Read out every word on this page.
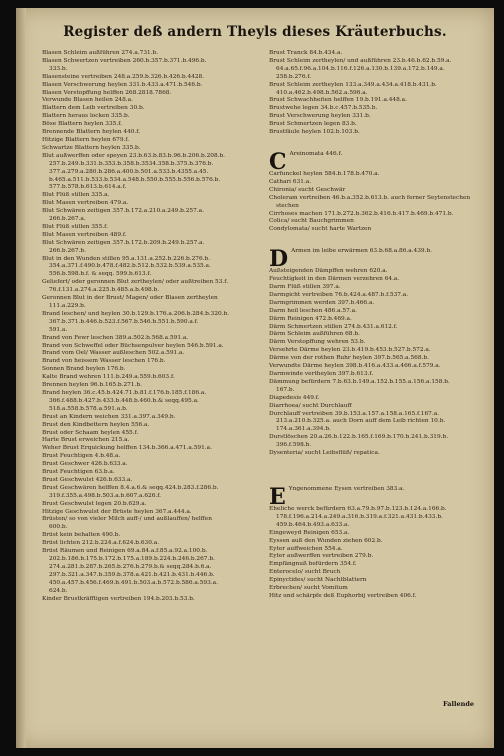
Register deß andern Theyls dieses Kräuterbuchs.
Blasen Schleim außführen 274.a.731.b.
Blasen Schwertzen vertreiben 260.b.357.b.371.b.496.b.
333.b.
Blasensteine vertreiben 248.a.259.b.326.b.426.b.4428.
Blasen Verschwerung heylen 331.b.433.a.471.b.546.b.
Blasen Verstopffung helffen 268.2818.7868.
Verwunde Blasen heilen 248.a.
Blattern dem Leib vertreiben 30.b.
Blattern heraus locken 335.b.
Böse Blattern heylen 335.f.
Brennende Blattern heylen 440.f.
Hitzige Blattern heylen 679.f.
Schwartze Blattern heylen 335.b.
Blut außwerffen oder speyen 23.b.63.b.83.b.96.b.206.b.208.b.
257.b.249.b.331.b.353.b.358.b.3534.358.b.375.b.376.b.
377.a.279.a.280.b.286.a.400.b.501.a.533.b.4355.a.45.
b.465.a.511.b.533.b.534.a.548.b.550.b.555.b.556.b.576.b.
577.b.578.b.613.b.614.a.f.
Blut Flüß stillen 335.a.
Blut Masen vertreiben 479.a.
Blut Schwären zeitigen 357.b.172.a.210.a.249.b.257.a.
266.b.267.a.
Blut Flüß stillen 355.f.
Blut Masen vertreiben 489.f.
Blut Schwären zeitigen 357.b.172.b.209.b.249.b.257.a.
266.b.267.b.
Blut in den Wunden stillen 95.a.131.a.252.b.226.b.276.b.
354.a.371.f.490.b.478.f.482.b.512.b.532.b.539.a.535.a.
556.b.598.b.f. & seqq. 599.b.613.f.
Geliefert/ oder geronnen Blut zertheylen/ oder außtreiben 53.f.
76.f.131.a.274.a.225.b.485.a.b.498.b.
Geronnen Blut in der Brust/ Magen/ oder Blasen zertheylen
111.a.229.b.
Brand leschen/ und heylen 30.b.129.b.176.a.206.b.284.b.320.b.
367.b.371.b.446.b.523.f.567.b.546.b.551.b.590.a.f.
591.a.
Brand von Fewr leschen 389.a.502.b.568.a.591.a.
Brand von Schweffel oder Büchsenpulver heylen 546.b.591.a.
Brand vom Oel/ Wasser außleschen 502.a.591.a.
Brand von heissem Wasser leschen 176.b.
Sonnen Brand heylen 176.b.
Kalte Brand wehren 111.b.249.a.559.b.603.f.
Brennen heylen 96.b.165.b.271.b.
Brand heylen 36.c.45.b.424.71.b.81.f.176.b.185.f.186.a.
366.f.488.b.427.b.433.b.448.b.460.b.& seqq.495.a.
518.a.558.b.578.a.591.a.b.
Brust an Kindern weichen 331.a.397.a.349.b.
Brust den Kindbettern heylen 556.a.
Brust oder Schaam heylen 455.f.
Harte Brust erweichen 215.a.
Weher Brust Erquickung helffen 134.b.366.a.471.a.591.a.
Brust Feuchtigen 4.b.48.a.
Brust Geschwer 426.b.633.a.
Brust Feuchtigen 63.b.a.
Brust Geschwulst 426.b.633.a.
Brust Geschwären helffen 8.4.a.6.& seqq.424.b.283.f.286.b.
319.f.355.a.498.b.503.a.b.607.a.626.f.
Brust Geschwulst legen 20.b.629.a.
Hitzige Geschwulst der Brüste heylen 367.a.444.a.
Brüsten/ so von vieler Milch auff-/ und außlauffen/ helffen
600.b.
Brüst kein behalten 490.b.
Brüst lichten 212.b.224.a.f.624.b.630.a.
Brüst Räumen und Reinigen 69.a.84.a.f.85.a.92.a.100.b.
202.b.186.b.175.b.172.b.175.a.189.b.224.b.246.b.267.b.
274.a.281.b.287.b.265.b.276.b.279.b.& seqq.284.b.6.a.
297.b.321.a.347.b.359.b.378.a.421.b.421.b.431.b.446.b.
450.a.457.b.456.f.469.b.491.b.503.a.b.572.b.586.a.593.a.
624.b.
Kinder Brustkräfftigen vertreiben 194.b.203.b.53.b.
Brust Tranck 84.b.434.a.
Brust Schleim zertheylen/ und außführen 23.b.46.b.62.b.59.a.
64.a.65.f.96.a.104.b.116.f.126.a.130.b.139.a.172.b.149.a.
258.b.276.f.
Brust Schleim zertheylen 133.a.349.a.434.a.418.b.431.b.
410.a.462.b.498.b.562.a.596.a.
Brust Schwachheiten helffen 19.b.191.a.448.a.
Brustwehe legen 34.b.c.457.b.535.b.
Brust Verschwerung heylen 331.b.
Brust Schmertzen legen 83.b.
Brustfäule heylen 102.b.103.b.
C Areinomata 446.f.
Carfunckel heylen 584.b.178.b.470.a.
Cathari 631.a.
Chironia/ sucht Geschwär
Choleram vertreiben 46.b.a.352.b.613.b. auch ferner Seytenstechen
stechen
Cirrhoses machen 171.b.272.b.362.b.416.b.417.b.469.b.471.b.
Colica/ sucht Bauchgrimmen
Condylomata/ sucht harte Wartzen
D Armen im leibe erwärmen 63.b.68.a.86.a.439.b.
Außsteigenden Dämpffen wehren 620.a.
Feuchtigkeit in den Därmen verzehren 64.a.
Darm Flüß stillen 397.a.
Darmgicht vertreiben 76.b.424.a.487.b.f.537.a.
Darmgrimmen werden 397.b.466.a.
Darm heil leschen 486.a.57.a.
Därm Reinigen 472.b.469.a.
Därm Schmertzen stillen 274.b.431.a.612.f.
Därm Schleim außführen 68.b.
Därm Verstopffung wehren 53.b.
Versehrte Därme heylen 23.b.419.b.453.b.527.b.572.a.
Därme von der rothen Ruhr heylen 397.b.565.a.568.b.
Verwundte Därme heylen 398.b.416.a.433.a.466.a.f.579.a.
Darmwinde vertheylen 397.b.613.f.
Dämmung befürdern 7.b.63.b.149.a.152.b.155.a.156.a.158.b.
167.b.
Diapedesis 449.f.
Diarrhoea/ sucht Durchlauff
Durchlauff vertreiben 39.b.153.a.157.a.158.a.165.f.167.a.
213.a.210.b.325.a. auch Dorn auff dem Leib richten 10.b.
174.a.361.a.394.b.
Durstlöschen 20.a.26.b.122.b.165.f.169.b.170.b.241.b.319.b.
396.f.598.b.
Dysenteria/ sucht Leibsflüß/ repatica.
E Yngenommene Eysen vertreiben 383.a.
Eheliche werck befürdern 63.a.79.b.97.b.123.b.124.a.166.b.
178.f.196.a.214.a.249.a.316.b.319.a.f.321.a.431.b.433.b.
459.b.464.b.493.a.633.a.
Eingeweyd Reinigen 653.a.
Eyssen auß den Wunden ziehen 602.b.
Eyter auffweichen 554.a.
Eyter außwerffen vertreiben 279.b.
Empfängnuß befürdern 354.f.
Enterocelo/ sucht Bruch
Epinyctides/ sucht Nachtblattern
Erbrechen/ sucht Vomitum
Hitz und schärpfe deß Euphorbij vertreiben 406.f.
Fallende
